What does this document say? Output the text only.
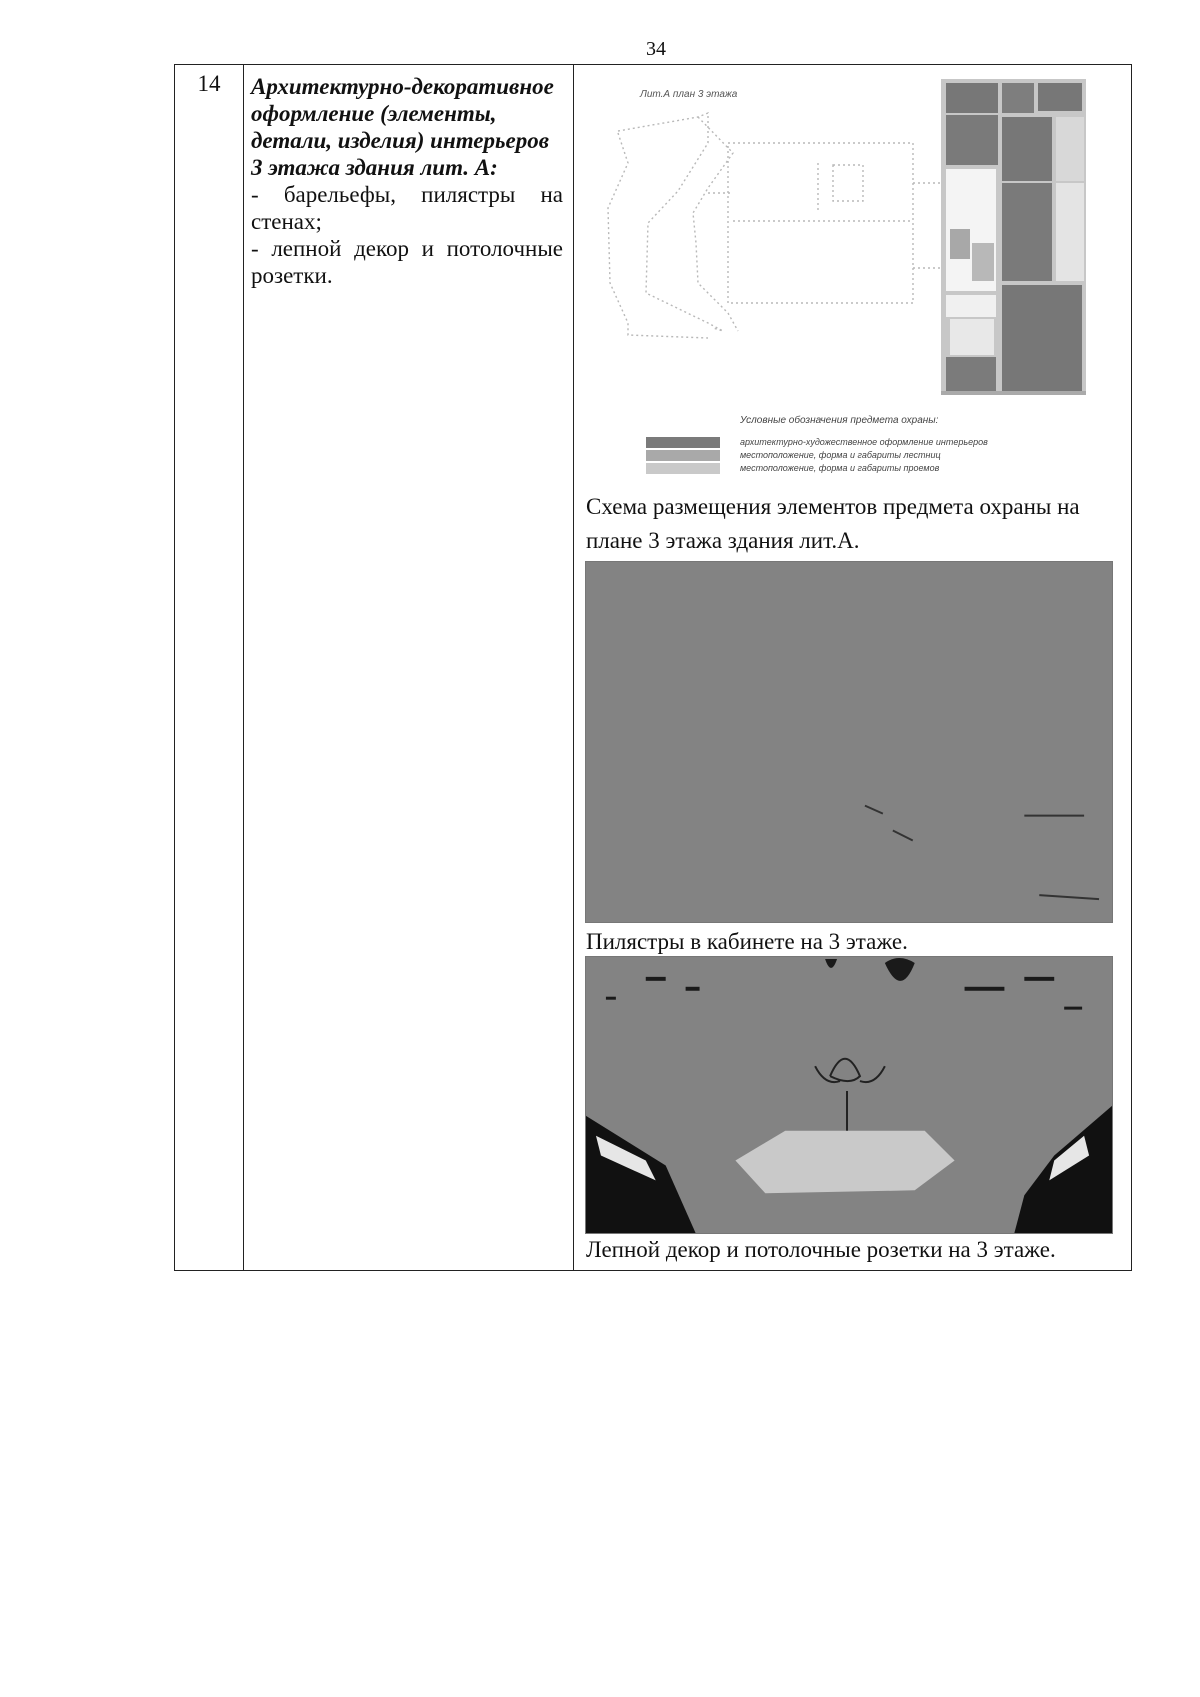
34
14	Архитектурно-декоративное оформление (элементы, детали, изделия) интерьеров 3 этажа здания лит. А:
- барельефы, пилястры на стенах;
- лепной декор и потолочные розетки.
Лит.А план 3 этажа
Условные обозначения предмета охраны:
архитектурно-художественное оформление интерьеров
местоположение, форма и габариты лестниц
местоположение, форма и габариты проемов
Схема размещения элементов предмета охраны на плане 3 этажа здания лит.А.
Пилястры в кабинете на 3 этаже.
Лепной декор и потолочные розетки на 3 этаже.
